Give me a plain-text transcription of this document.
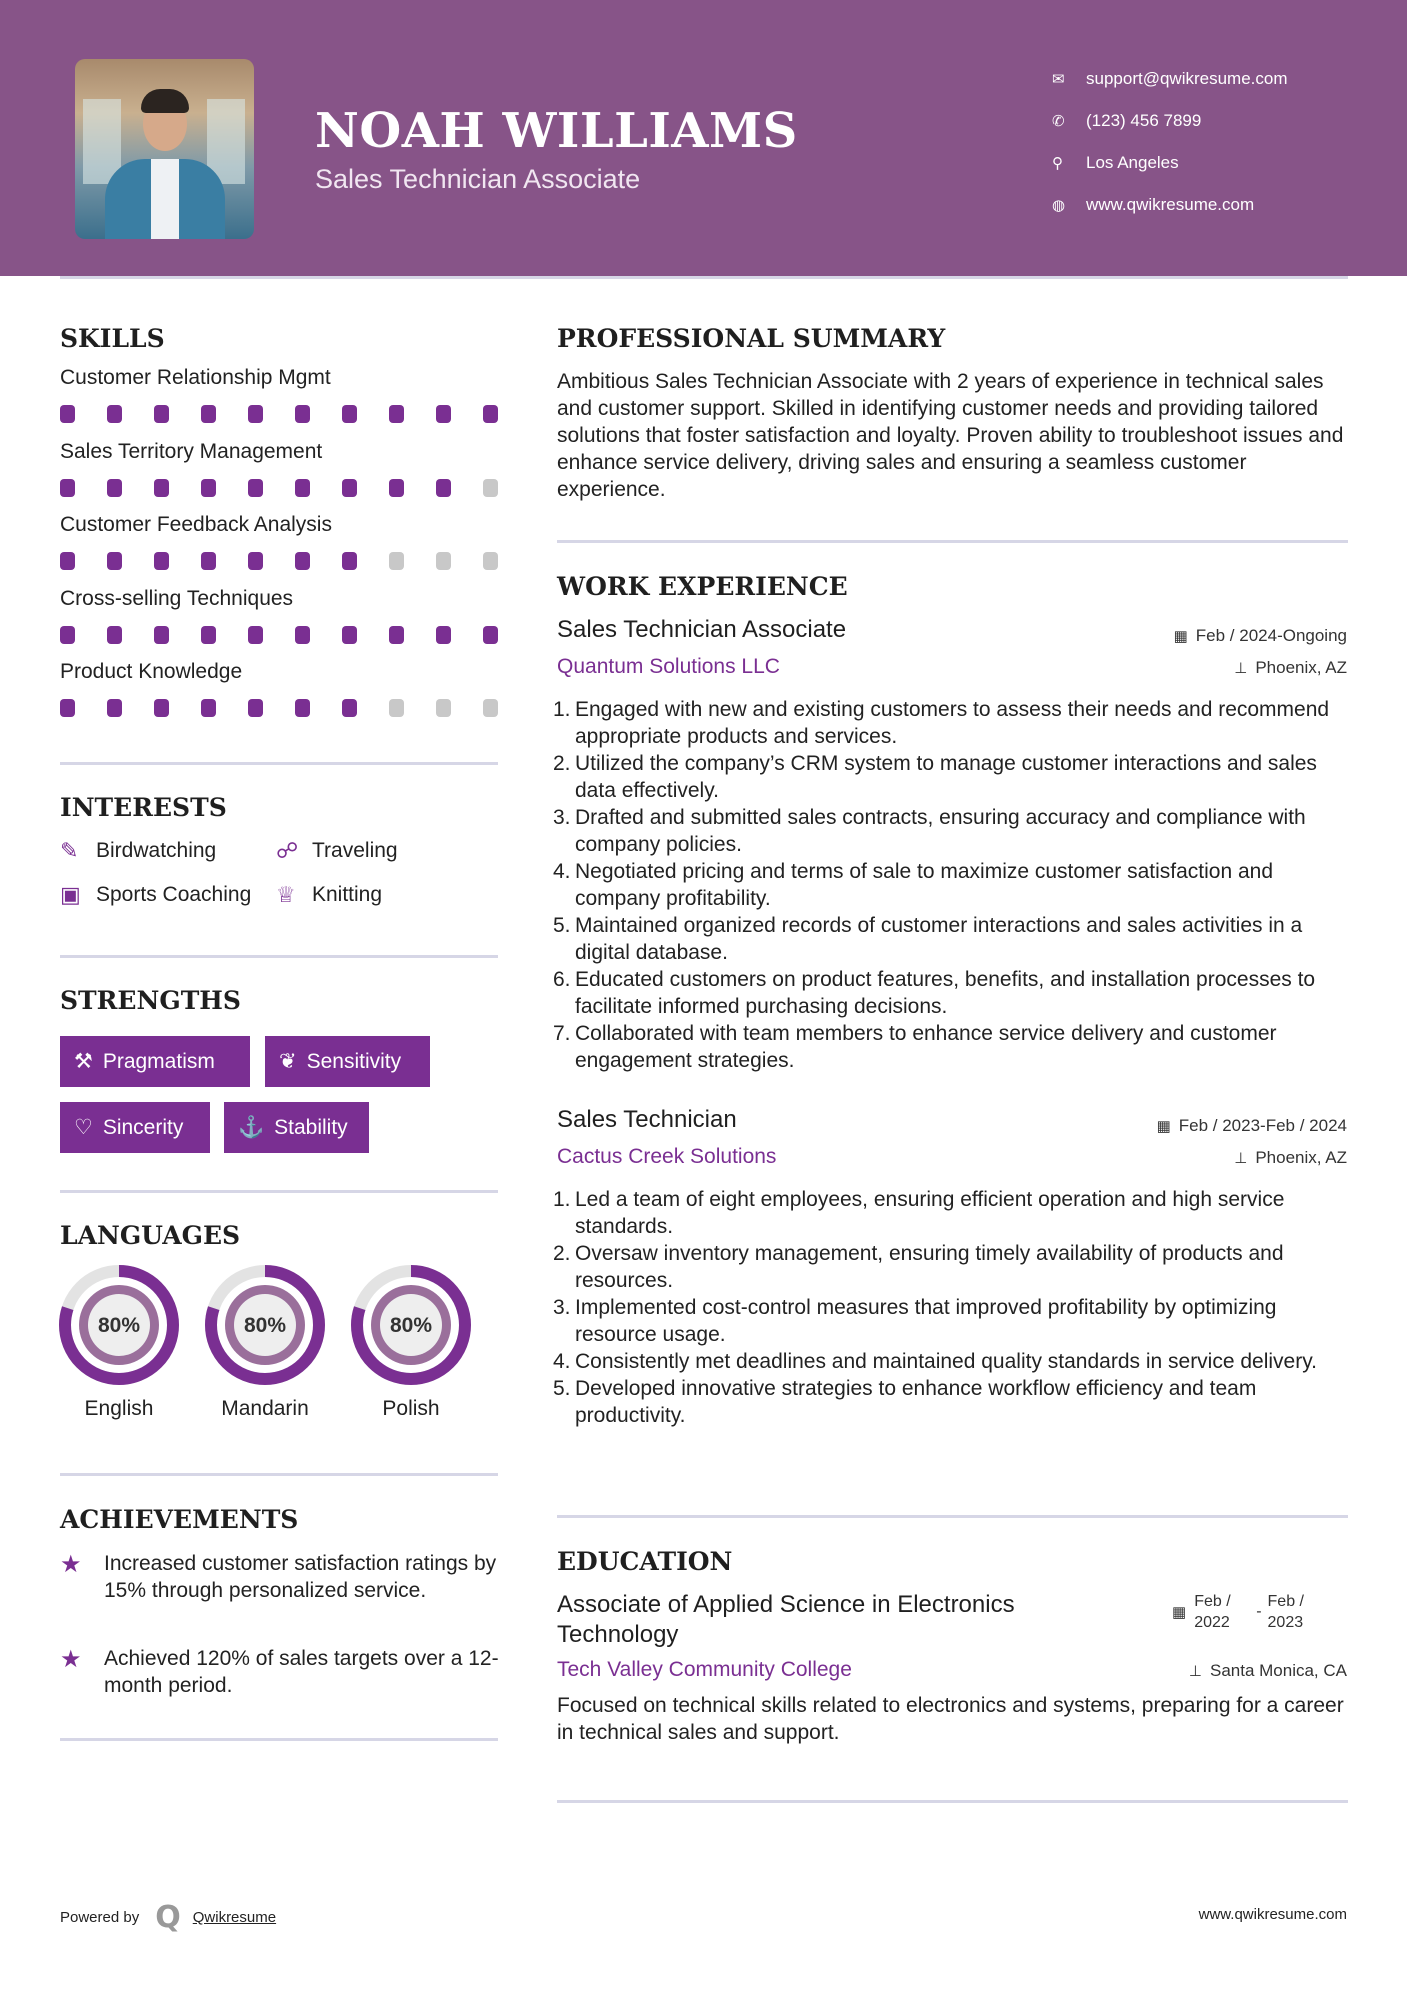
NOAH WILLIAMS
Sales Technician Associate
✉	support@qwikresume.com
✆	(123) 456 7899
⚲	Los Angeles
◍	www.qwikresume.com
SKILLS
Customer Relationship Mgmt
Sales Territory Management
Customer Feedback Analysis
Cross-selling Techniques
Product Knowledge
INTERESTS
✎ Birdwatching	☍ Traveling
▣ Sports Coaching ♕ Knitting
STRENGTHS
⚒ Pragmatism	❦ Sensitivity
♡ Sincerity	⚓ Stability
LANGUAGES
80%
English
80%
Mandarin
80%
Polish
ACHIEVEMENTS
★	Increased customer satisfaction ratings by 15% through personalized service.
★	Achieved 120% of sales targets over a 12-month period.
PROFESSIONAL SUMMARY
Ambitious Sales Technician Associate with 2 years of experience in technical sales and customer support. Skilled in identifying customer needs and providing tailored solutions that foster satisfaction and loyalty. Proven ability to troubleshoot issues and enhance service delivery, driving sales and ensuring a seamless customer experience.
WORK EXPERIENCE
Sales Technician Associate	▦ Feb / 2024-Ongoing
Quantum Solutions LLC	⊥ Phoenix, AZ
1. Engaged with new and existing customers to assess their needs and recommend appropriate products and services.
2. Utilized the company’s CRM system to manage customer interactions and sales data effectively.
3. Drafted and submitted sales contracts, ensuring accuracy and compliance with company policies.
4. Negotiated pricing and terms of sale to maximize customer satisfaction and company profitability.
5. Maintained organized records of customer interactions and sales activities in a digital database.
6. Educated customers on product features, benefits, and installation processes to facilitate informed purchasing decisions.
7. Collaborated with team members to enhance service delivery and customer engagement strategies.
Sales Technician	▦ Feb / 2023-Feb / 2024
Cactus Creek Solutions	⊥ Phoenix, AZ
1. Led a team of eight employees, ensuring efficient operation and high service standards.
2. Oversaw inventory management, ensuring timely availability of products and resources.
3. Implemented cost-control measures that improved profitability by optimizing resource usage.
4. Consistently met deadlines and maintained quality standards in service delivery.
5. Developed innovative strategies to enhance workflow efficiency and team productivity.
EDUCATION
Associate of Applied Science in Electronics Technology
▦
Feb / 2022
-
Feb / 2023
Tech Valley Community College	⊥ Santa Monica, CA
Focused on technical skills related to electronics and systems, preparing for a career in technical sales and support.
Powered by Q Qwikresume	www.qwikresume.com
